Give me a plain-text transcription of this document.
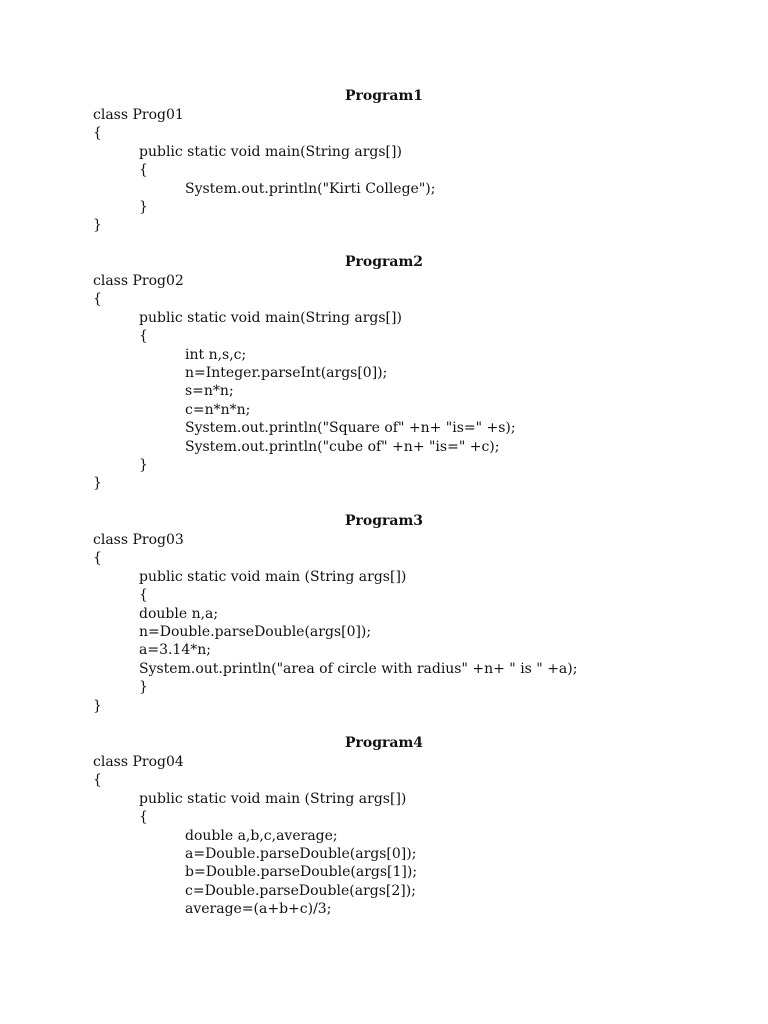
Program1
class Prog01
{
public static void main(String args[])
{
System.out.println("Kirti College");
}
}
Program2
class Prog02
{
public static void main(String args[])
{
int n,s,c;
n=Integer.parseInt(args[0]);
s=n*n;
c=n*n*n;
System.out.println("Square of" +n+ "is=" +s);
System.out.println("cube of" +n+ "is=" +c);
}
}
Program3
class Prog03
{
public static void main (String args[])
{
double n,a;
n=Double.parseDouble(args[0]);
a=3.14*n;
System.out.println("area of circle with radius" +n+ " is " +a);
}
}
Program4
class Prog04
{
public static void main (String args[])
{
double a,b,c,average;
a=Double.parseDouble(args[0]);
b=Double.parseDouble(args[1]);
c=Double.parseDouble(args[2]);
average=(a+b+c)/3;
